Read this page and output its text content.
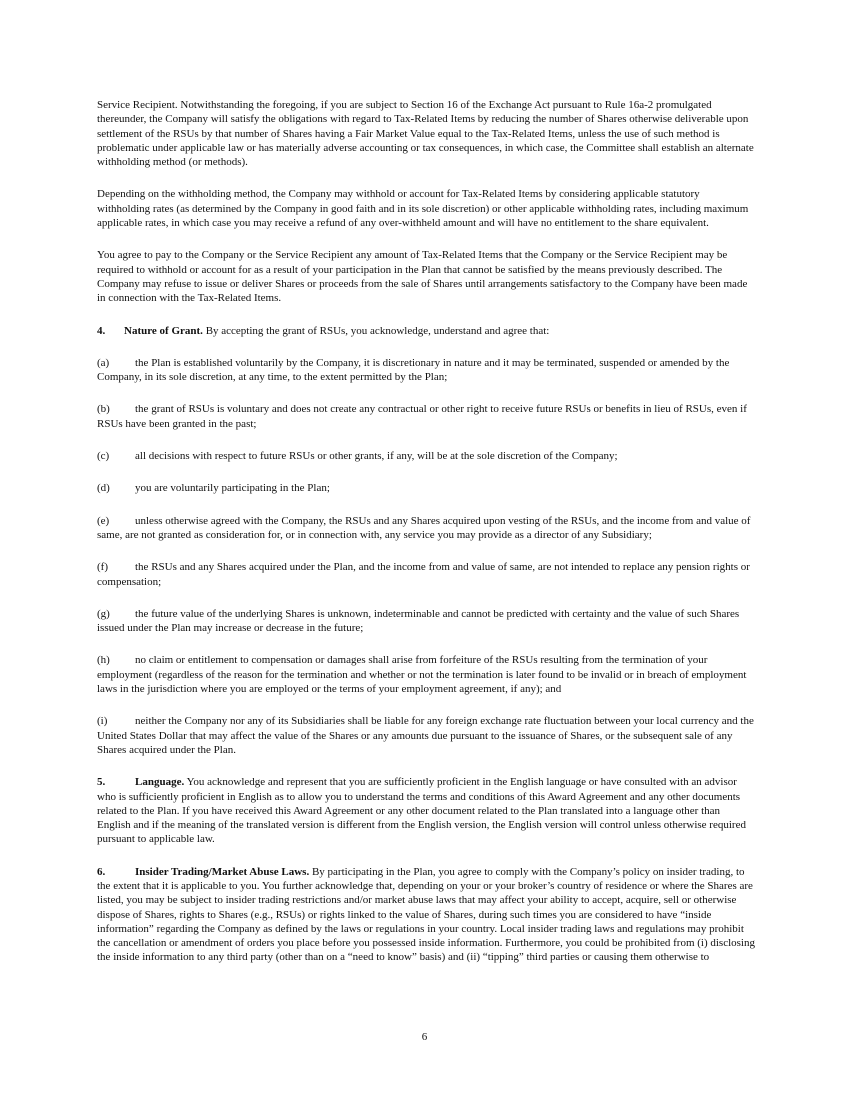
Service Recipient. Notwithstanding the foregoing, if you are subject to Section 16 of the Exchange Act pursuant to Rule 16a-2 promulgated thereunder, the Company will satisfy the obligations with regard to Tax-Related Items by reducing the number of Shares otherwise deliverable upon settlement of the RSUs by that number of Shares having a Fair Market Value equal to the Tax-Related Items, unless the use of such method is problematic under applicable law or has materially adverse accounting or tax consequences, in which case, the Committee shall establish an alternate withholding method (or methods).

Depending on the withholding method, the Company may withhold or account for Tax-Related Items by considering applicable statutory withholding rates (as determined by the Company in good faith and in its sole discretion) or other applicable withholding rates, including maximum applicable rates, in which case you may receive a refund of any over-withheld amount and will have no entitlement to the share equivalent.

You agree to pay to the Company or the Service Recipient any amount of Tax-Related Items that the Company or the Service Recipient may be required to withhold or account for as a result of your participation in the Plan that cannot be satisfied by the means previously described. The Company may refuse to issue or deliver Shares or proceeds from the sale of Shares until arrangements satisfactory to the Company have been made in connection with the Tax-Related Items.

4. Nature of Grant. By accepting the grant of RSUs, you acknowledge, understand and agree that:

(a) the Plan is established voluntarily by the Company, it is discretionary in nature and it may be terminated, suspended or amended by the Company, in its sole discretion, at any time, to the extent permitted by the Plan;

(b) the grant of RSUs is voluntary and does not create any contractual or other right to receive future RSUs or benefits in lieu of RSUs, even if RSUs have been granted in the past;

(c) all decisions with respect to future RSUs or other grants, if any, will be at the sole discretion of the Company;

(d) you are voluntarily participating in the Plan;

(e) unless otherwise agreed with the Company, the RSUs and any Shares acquired upon vesting of the RSUs, and the income from and value of same, are not granted as consideration for, or in connection with, any service you may provide as a director of any Subsidiary;

(f) the RSUs and any Shares acquired under the Plan, and the income from and value of same, are not intended to replace any pension rights or compensation;

(g) the future value of the underlying Shares is unknown, indeterminable and cannot be predicted with certainty and the value of such Shares issued under the Plan may increase or decrease in the future;

(h) no claim or entitlement to compensation or damages shall arise from forfeiture of the RSUs resulting from the termination of your employment (regardless of the reason for the termination and whether or not the termination is later found to be invalid or in breach of employment laws in the jurisdiction where you are employed or the terms of your employment agreement, if any); and

(i)	neither the Company nor any of its Subsidiaries shall be liable for any foreign exchange rate fluctuation between your local currency and the United States Dollar that may affect the value of the Shares or any amounts due pursuant to the issuance of Shares, or the subsequent sale of any Shares acquired under the Plan.

5.	Language. You acknowledge and represent that you are sufficiently proficient in the English language or have consulted with an advisor who is sufficiently proficient in English as to allow you to understand the terms and conditions of this Award Agreement and any other documents related to the Plan. If you have received this Award Agreement or any other document related to the Plan translated into a language other than English and if the meaning of the translated version is different from the English version, the English version will control unless otherwise required pursuant to applicable law.

6.	Insider Trading/Market Abuse Laws. By participating in the Plan, you agree to comply with the Company’s policy on insider trading, to the extent that it is applicable to you. You further acknowledge that, depending on your or your broker’s country of residence or where the Shares are listed, you may be subject to insider trading restrictions and/or market abuse laws that may affect your ability to accept, acquire, sell or otherwise dispose of Shares, rights to Shares (e.g., RSUs) or rights linked to the value of Shares, during such times you are considered to have “inside information” regarding the Company as defined by the laws or regulations in your country. Local insider trading laws and regulations may prohibit the cancellation or amendment of orders you place before you possessed inside information. Furthermore, you could be prohibited from (i) disclosing the inside information to any third party (other than on a “need to know” basis) and (ii) “tipping” third parties or causing them otherwise to

6
